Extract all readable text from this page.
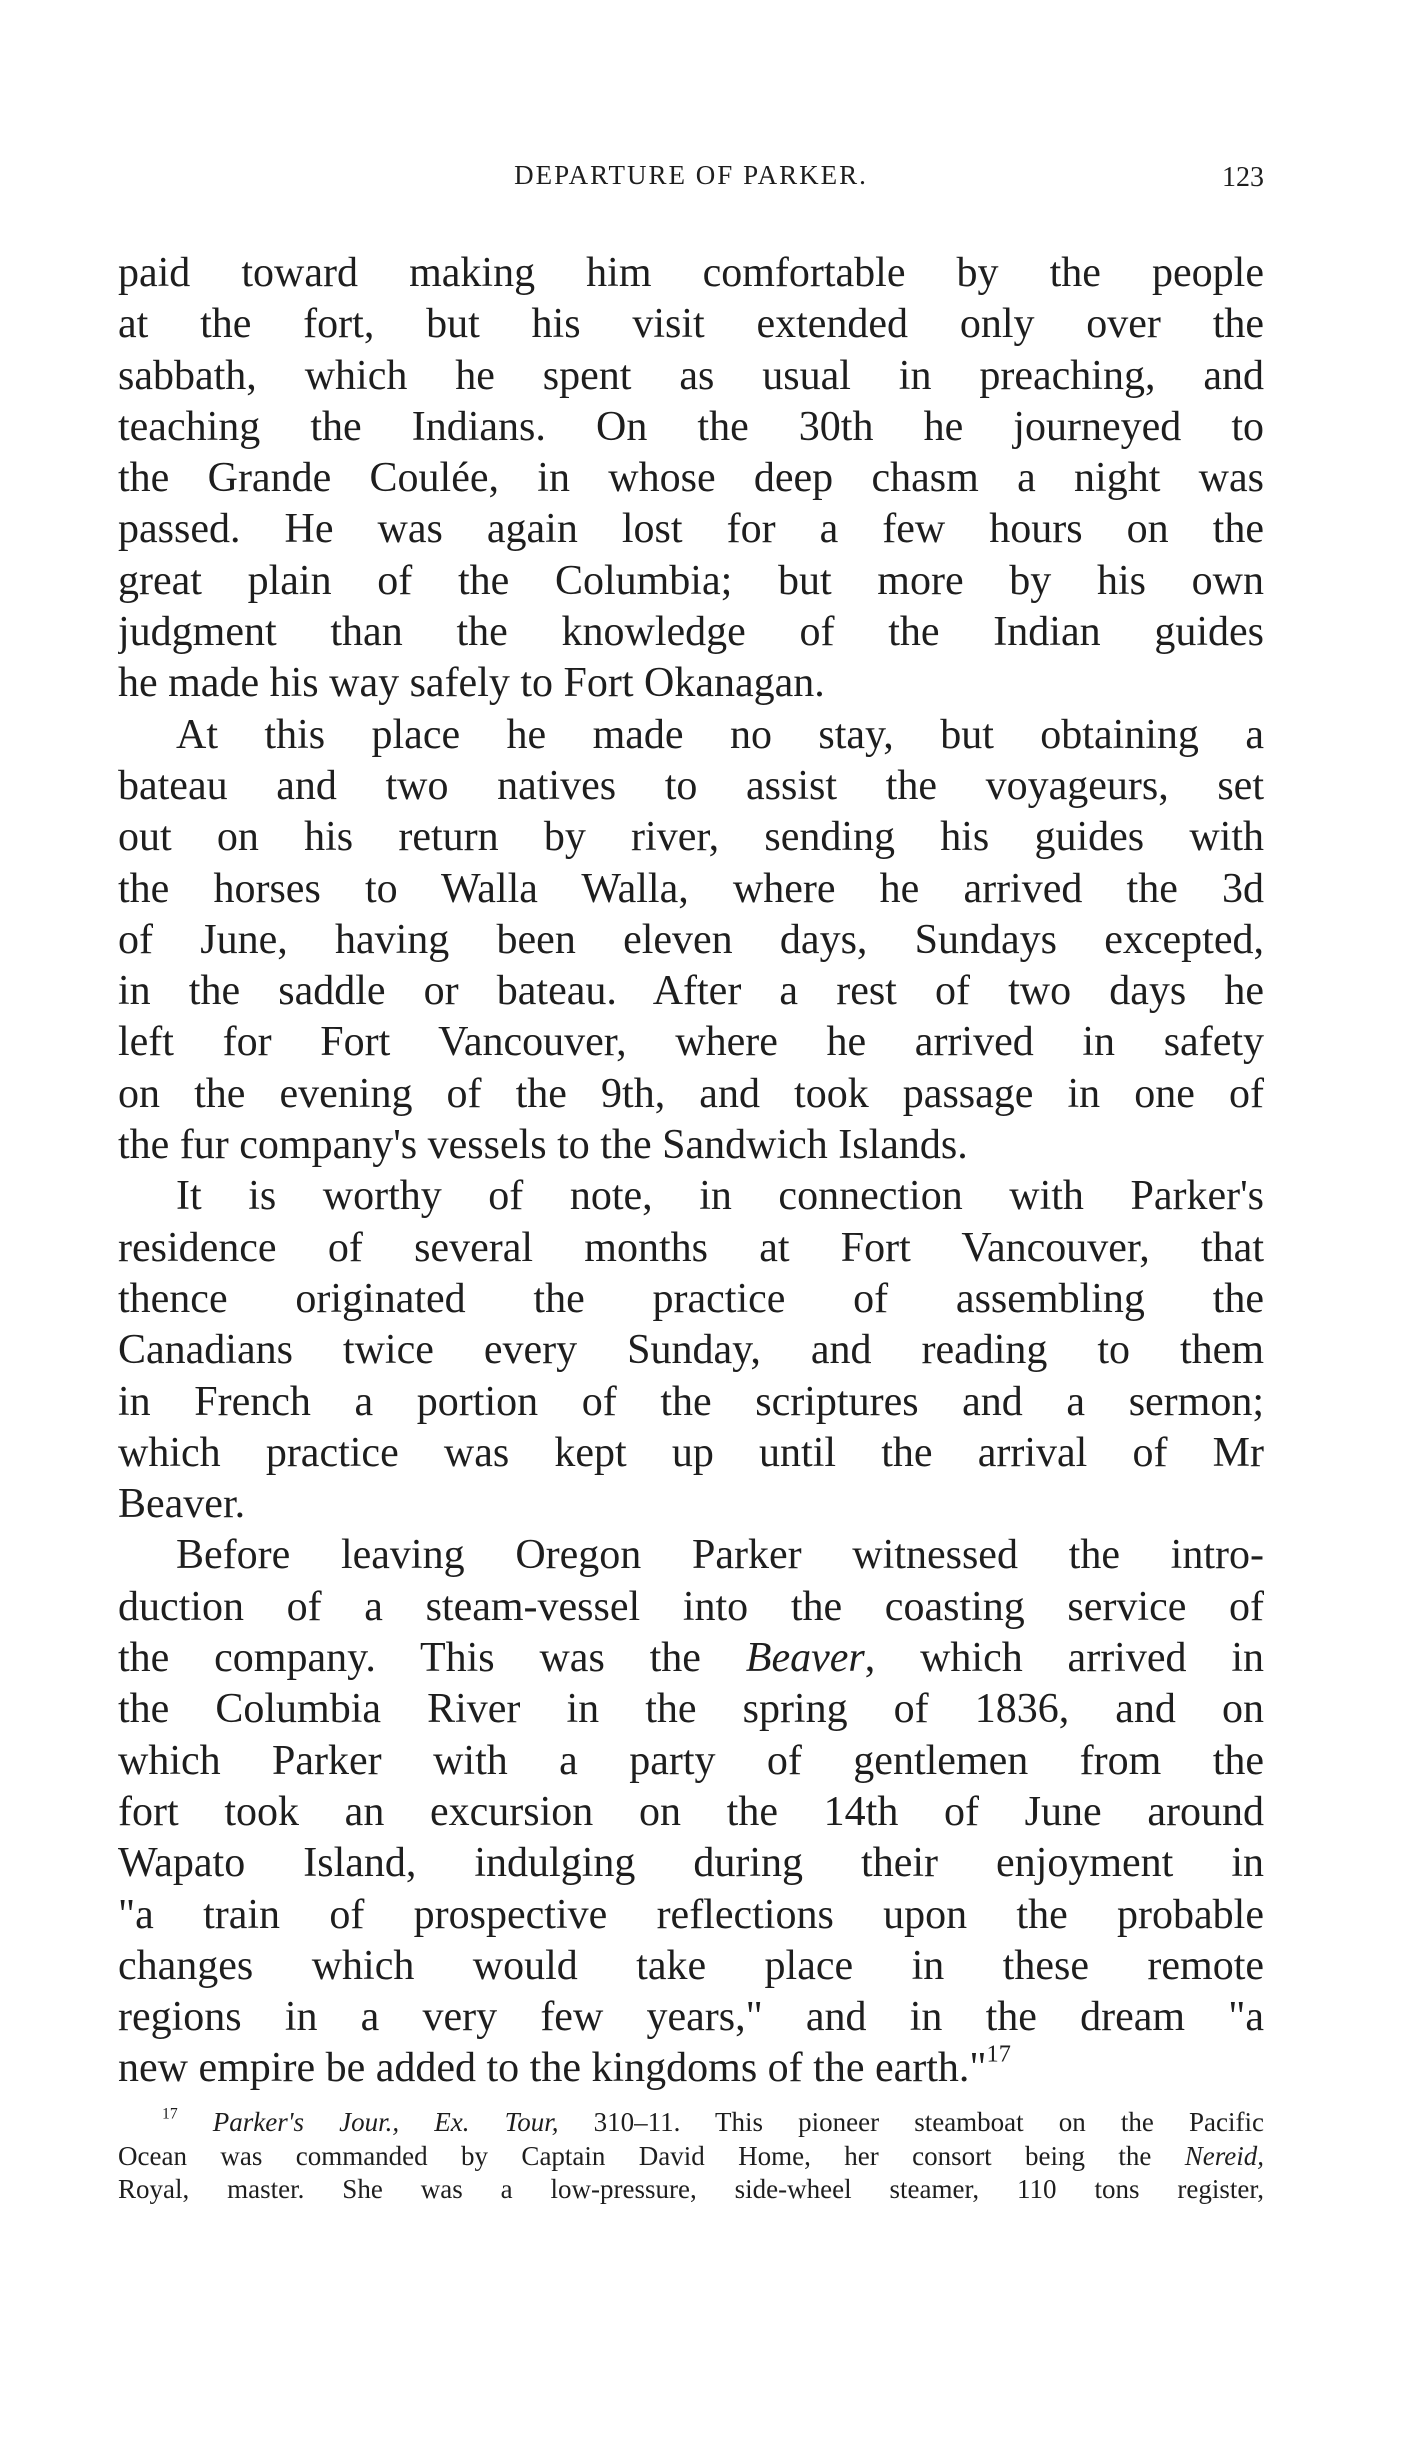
DEPARTURE OF PARKER.	123
paid toward making him comfortable by the people
at the fort, but his visit extended only over the
sabbath, which he spent as usual in preaching, and
teaching the Indians. On the 30th he journeyed to
the Grande Coulée, in whose deep chasm a night was
passed. He was again lost for a few hours on the
great plain of the Columbia; but more by his own
judgment than the knowledge of the Indian guides
he made his way safely to Fort Okanagan.
At this place he made no stay, but obtaining a
bateau and two natives to assist the voyageurs, set
out on his return by river, sending his guides with
the horses to Walla Walla, where he arrived the 3d
of June, having been eleven days, Sundays excepted,
in the saddle or bateau. After a rest of two days he
left for Fort Vancouver, where he arrived in safety
on the evening of the 9th, and took passage in one of
the fur company's vessels to the Sandwich Islands.
It is worthy of note, in connection with Parker's
residence of several months at Fort Vancouver, that
thence originated the practice of assembling the
Canadians twice every Sunday, and reading to them
in French a portion of the scriptures and a sermon;
which practice was kept up until the arrival of Mr
Beaver.
Before leaving Oregon Parker witnessed the intro-
duction of a steam-vessel into the coasting service of
the company. This was the Beaver, which arrived in
the Columbia River in the spring of 1836, and on
which Parker with a party of gentlemen from the
fort took an excursion on the 14th of June around
Wapato Island, indulging during their enjoyment in
"a train of prospective reflections upon the probable
changes which would take place in these remote
regions in a very few years," and in the dream "a
new empire be added to the kingdoms of the earth."$^{17}$
$^{17}$ Parker's Jour., Ex. Tour, 310–11. This pioneer steamboat on the Pacific
Ocean was commanded by Captain David Home, her consort being the Nereid,
Royal, master. She was a low-pressure, side-wheel steamer, 110 tons register,
